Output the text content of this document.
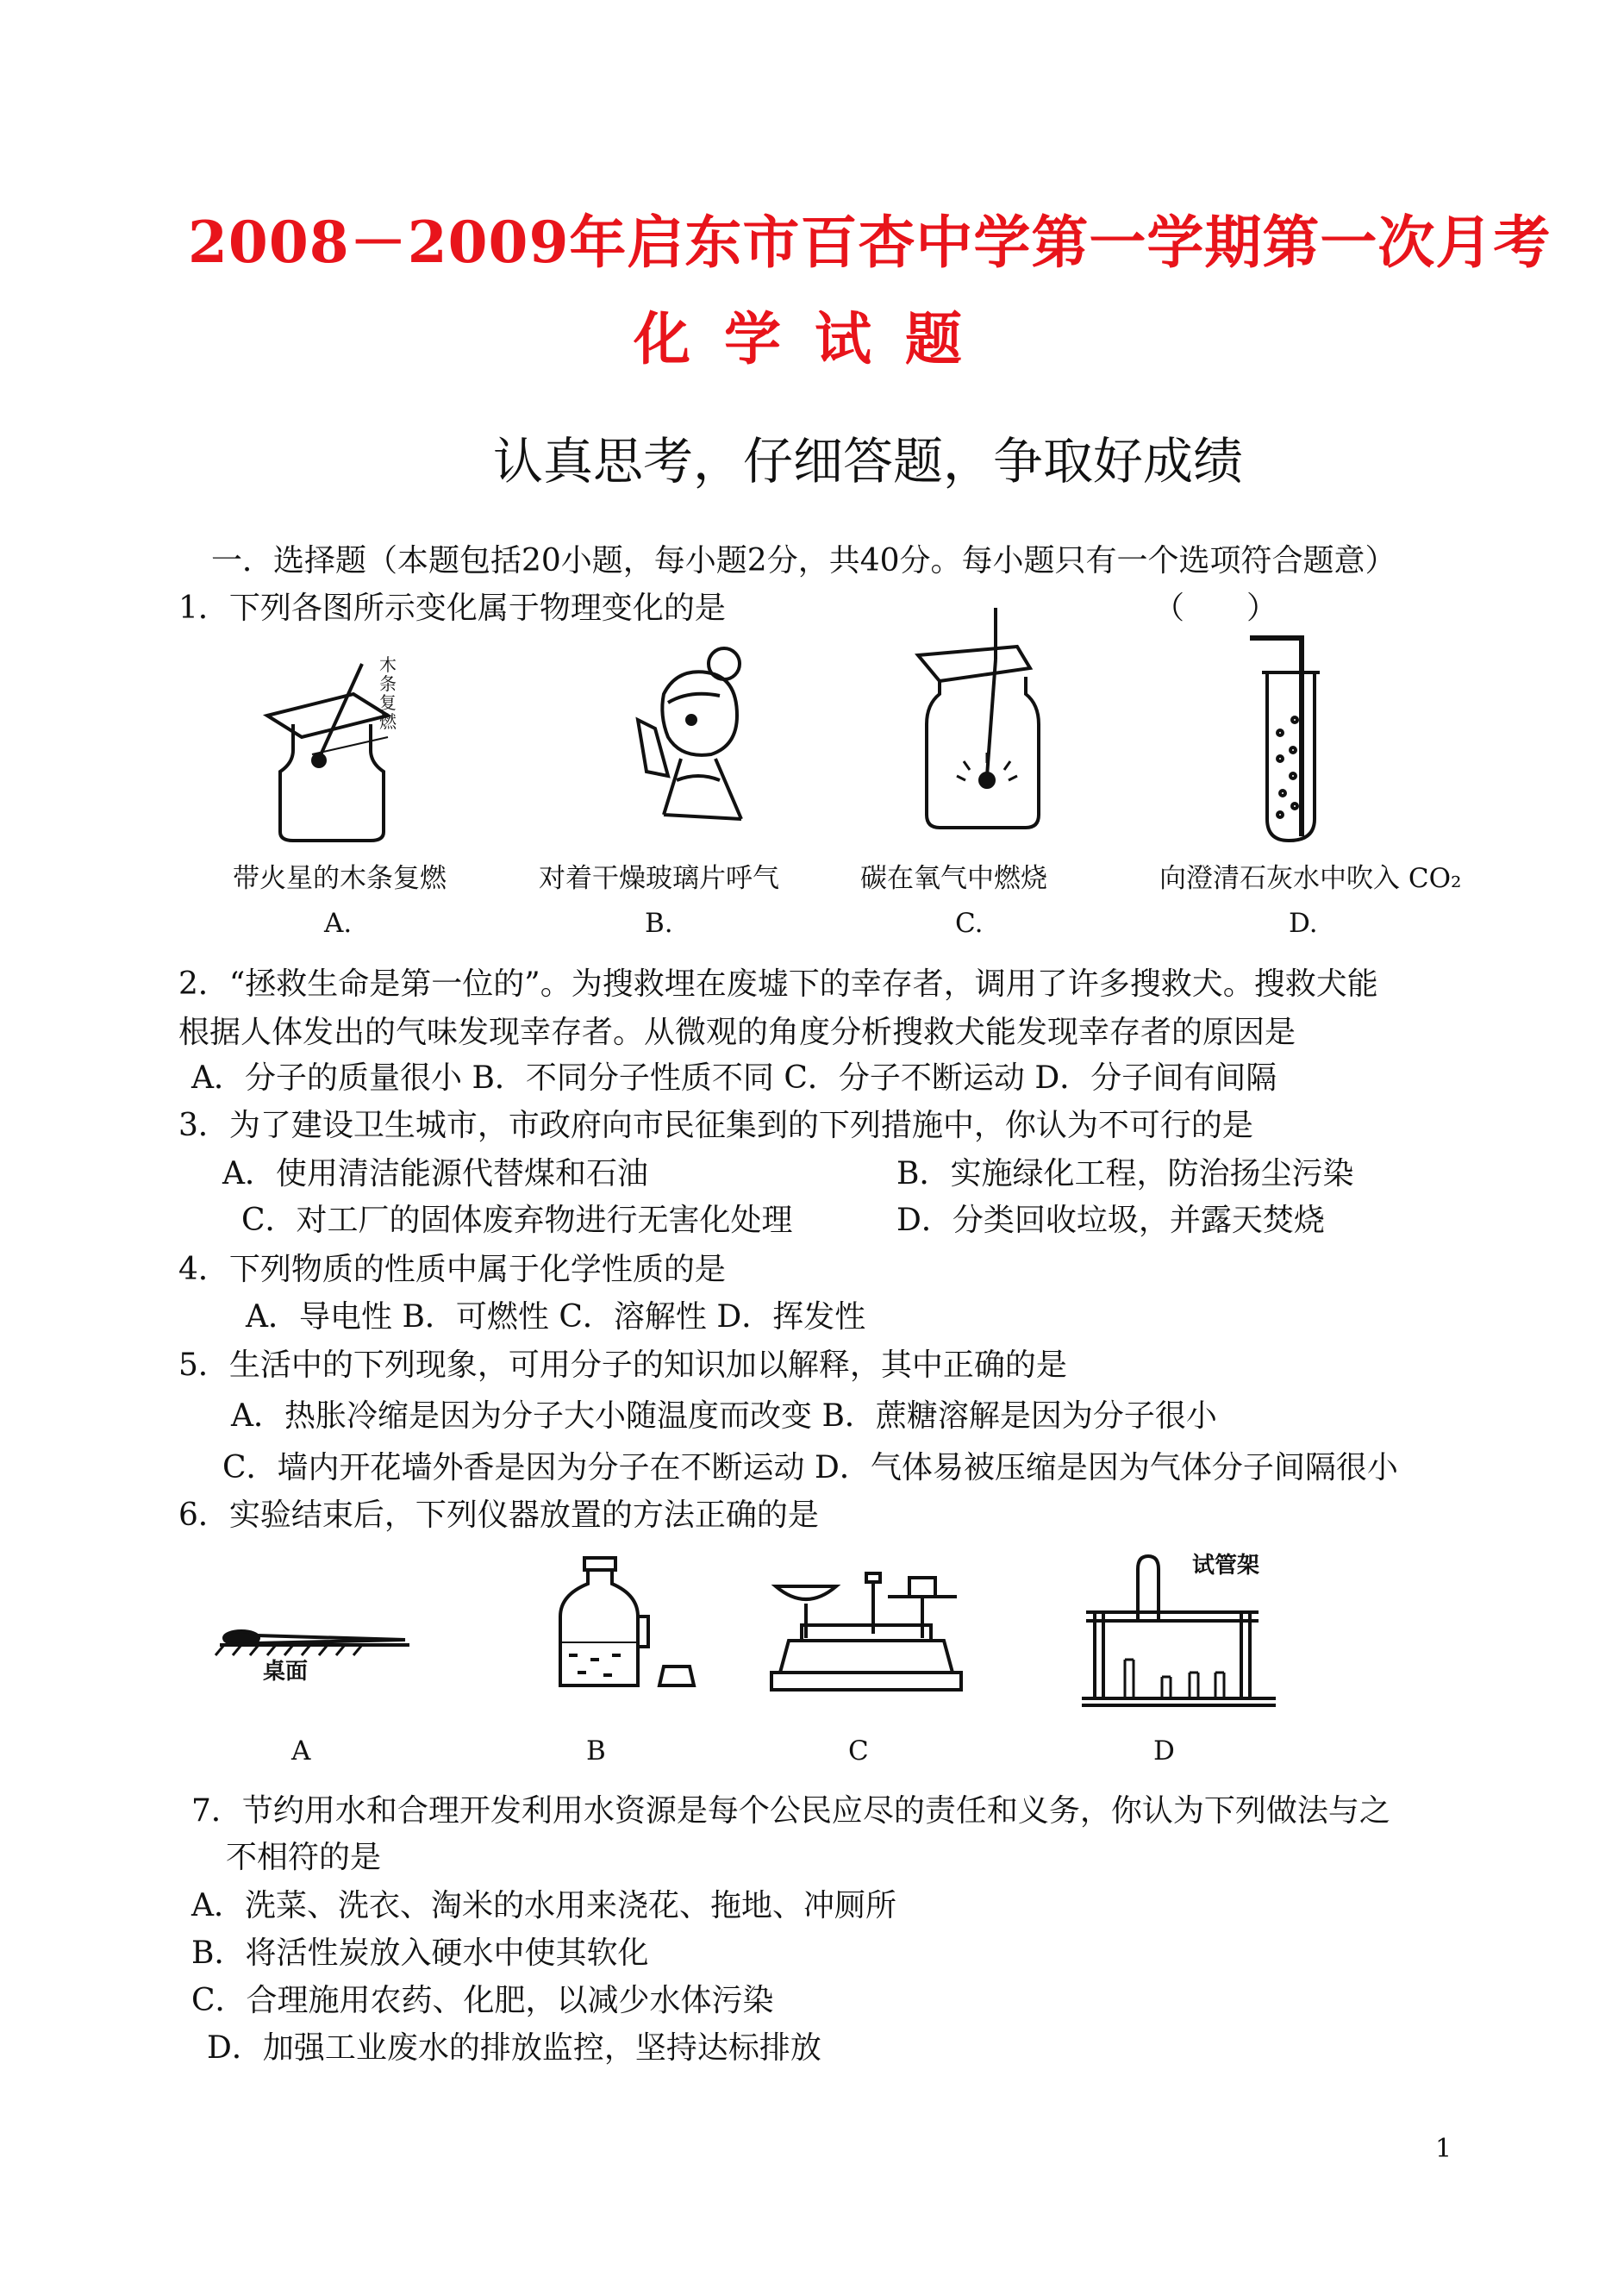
2008－2009年启东市百杏中学第一学期第一次月考
化 学 试 题
认真思考，仔细答题，争取好成绩
一．选择题（本题包括20小题，每小题2分，共40分。每小题只有一个选项符合题意）
1．下列各图所示变化属于物理变化的是	（　　）
木条复燃
带火星的木条复燃	对着干燥玻璃片呼气	碳在氧气中燃烧	向澄清石灰水中吹入 CO₂
A.	B.	C.	D.
2．“拯救生命是第一位的”。为搜救埋在废墟下的幸存者，调用了许多搜救犬。搜救犬能
根据人体发出的气味发现幸存者。从微观的角度分析搜救犬能发现幸存者的原因是
A．分子的质量很小 B．不同分子性质不同 C．分子不断运动 D．分子间有间隔
3．为了建设卫生城市，市政府向市民征集到的下列措施中，你认为不可行的是
A．使用清洁能源代替煤和石油	B．实施绿化工程，防治扬尘污染
C．对工厂的固体废弃物进行无害化处理	D．分类回收垃圾，并露天焚烧
4．下列物质的性质中属于化学性质的是
A．导电性 B．可燃性 C．溶解性 D．挥发性
5．生活中的下列现象，可用分子的知识加以解释，其中正确的是
A．热胀冷缩是因为分子大小随温度而改变 B．蔗糖溶解是因为分子很小
C．墙内开花墙外香是因为分子在不断运动 D．气体易被压缩是因为气体分子间隔很小
6．实验结束后，下列仪器放置的方法正确的是
桌面
试管架
A	B	C	D
7．节约用水和合理开发利用水资源是每个公民应尽的责任和义务，你认为下列做法与之
不相符的是
A．洗菜、洗衣、淘米的水用来浇花、拖地、冲厕所
B．将活性炭放入硬水中使其软化
C．合理施用农药、化肥，以减少水体污染
D．加强工业废水的排放监控，坚持达标排放
1
